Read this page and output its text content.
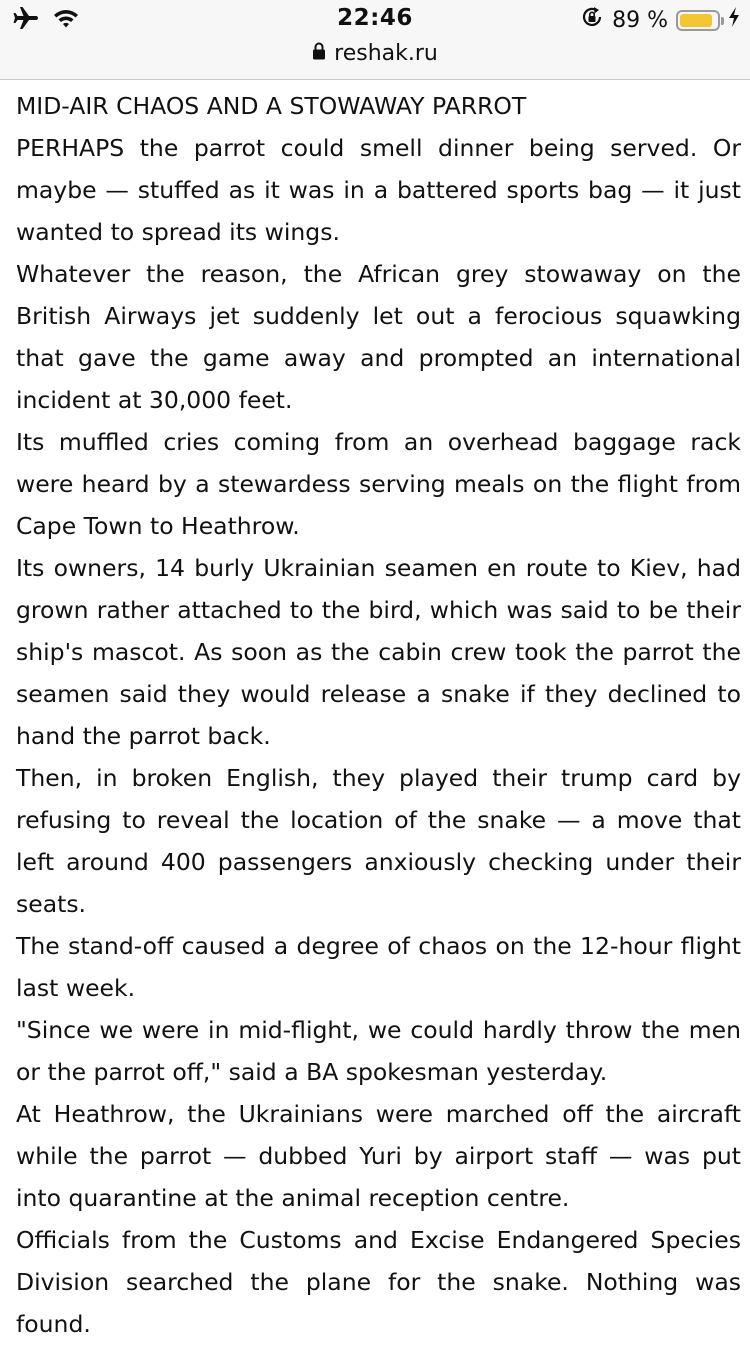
22:46	89 %
reshak.ru
MID-AIR CHAOS AND A STOWAWAY PARROT

PERHAPS the parrot could smell dinner being served. Or maybe — stuffed as it was in a battered sports bag — it just wanted to spread its wings.

Whatever the reason, the African grey stowaway on the British Airways jet suddenly let out a ferocious squawking that gave the game away and prompted an international incident at 30,000 feet.

Its muffled cries coming from an overhead baggage rack were heard by a stewardess serving meals on the flight from Cape Town to Heathrow.

Its owners, 14 burly Ukrainian seamen en route to Kiev, had grown rather attached to the bird, which was said to be their ship's mascot. As soon as the cabin crew took the parrot the seamen said they would release a snake if they declined to hand the parrot back.

Then, in broken English, they played their trump card by refusing to reveal the location of the snake — a move that left around 400 passengers anxiously checking under their seats.

The stand-off caused a degree of chaos on the 12-hour flight last week.

"Since we were in mid-flight, we could hardly throw the men or the parrot off," said a BA spokesman yesterday.

At Heathrow, the Ukrainians were marched off the aircraft while the parrot — dubbed Yuri by airport staff — was put into quarantine at the animal reception centre.

Officials from the Customs and Excise Endangered Species Division searched the plane for the snake. Nothing was found.
